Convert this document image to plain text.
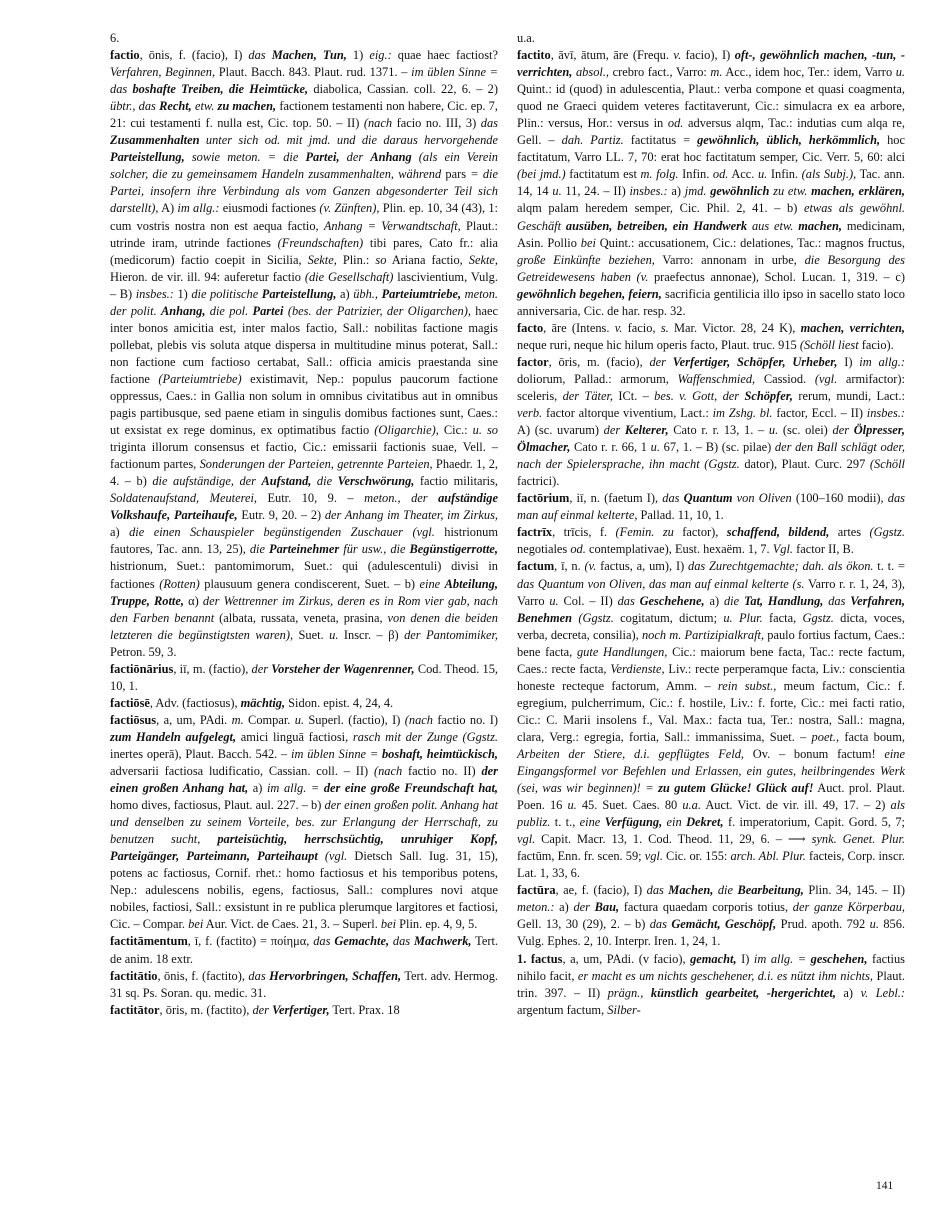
6.

factio, ōnis, f. (facio), I) das Machen, Tun, 1) eig.: quae haec factiost? Verfahren, Beginnen, Plaut. Bacch. 843. Plaut. rud. 1371. – im üblen Sinne = das boshafte Treiben, die Heimtücke, diabolica, Cassian. coll. 22, 6. – 2) übtr., das Recht, etw. zu machen, factionem testamenti non habere, Cic. ep. 7, 21: cui testamenti f. nulla est, Cic. top. 50. – II) (nach facio no. III, 3) das Zusammenhalten unter sich od. mit jmd. und die daraus hervorgehende Parteistellung, sowie meton. = die Partei, der Anhang (als ein Verein solcher, die zu gemeinsamem Handeln zusammenhalten, während pars = die Partei, insofern ihre Verbindung als vom Ganzen abgesonderter Teil sich darstellt), A) im allg.: eiusmodi factiones (v. Zünften), Plin. ep. 10, 34 (43), 1: cum vostris nostra non est aequa factio, Anhang = Verwandtschaft, Plaut.: utrinde iram, utrinde factiones (Freundschaften) tibi pares, Cato fr.: alia (medicorum) factio coepit in Sicilia, Sekte, Plin.: so Ariana factio, Sekte, Hieron. de vir. ill. 94: auferetur factio (die Gesellschaft) lascivientium, Vulg. – B) insbes.: 1) die politische Parteistellung, a) übh., Parteiumtriebe, meton. der polit. Anhang, die pol. Partei (bes. der Patrizier, der Oligarchen), haec inter bonos amicitia est, inter malos factio, Sall.: nobilitas factione magis pollebat, plebis vis soluta atque dispersa in multitudine minus poterat, Sall.: non factione cum factioso certabat, Sall.: officia amicis praestanda sine factione (Parteiumtriebe) existimavit, Nep.: populus paucorum factione oppressus, Caes.: in Gallia non solum in omnibus civitatibus aut in omnibus pagis partibusque, sed paene etiam in singulis domibus factiones sunt, Caes.: ut exsistat ex rege dominus, ex optimatibus factio (Oligarchie), Cic.: u. so triginta illorum consensus et factio, Cic.: emissarii factionis suae, Vell. – factionum partes, Sonderungen der Parteien, getrennte Parteien, Phaedr. 1, 2, 4. – b) die aufständige, der Aufstand, die Verschwörung, factio militaris, Soldatenaufstand, Meuterei, Eutr. 10, 9. – meton., der aufständige Volkshaufe, Parteihaufe, Eutr. 9, 20. – 2) der Anhang im Theater, im Zirkus, a) die einen Schauspieler begünstigenden Zuschauer (vgl. histrionum fautores, Tac. ann. 13, 25), die Parteinehmer für usw., die Begünstigerrotte, histrionum, Suet.: pantomimorum, Suet.: qui (adulescentuli) divisi in factiones (Rotten) plausuum genera condiscerent, Suet. – b) eine Abteilung, Truppe, Rotte, α) der Wettrenner im Zirkus, deren es in Rom vier gab, nach den Farben benannt (albata, russata, veneta, prasina, von denen die beiden letzteren die begünstigtsten waren), Suet. u. Inscr. – β) der Pantomimiker, Petron. 59, 3.

factiōnārius, iī, m. (factio), der Vorsteher der Wagenrenner, Cod. Theod. 15, 10, 1.

factiōsē, Adv. (factiosus), mächtig, Sidon. epist. 4, 24, 4.

factiōsus, a, um, PAdi. m. Compar. u. Superl. (factio), I) (nach factio no. I) zum Handeln aufgelegt, amici linguā factiosi, rasch mit der Zunge (Ggstz. inertes operā), Plaut. Bacch. 542. – im üblen Sinne = boshaft, heimtückisch, adversarii factiosa ludificatio, Cassian. coll. – II) (nach factio no. II) der einen großen Anhang hat, a) im allg. = der eine große Freundschaft hat, homo dives, factiosus, Plaut. aul. 227. – b) der einen großen polit. Anhang hat und denselben zu seinem Vorteile, bes. zur Erlangung der Herrschaft, zu benutzen sucht, parteisüchtig, herrschsüchtig, unruhiger Kopf, Parteigänger, Parteimann, Parteihaupt (vgl. Dietsch Sall. Iug. 31, 15), potens ac factiosus, Cornif. rhet.: homo factiosus et his temporibus potens, Nep.: adulescens nobilis, egens, factiosus, Sall.: complures novi atque nobiles, factiosi, Sall.: exsistunt in re publica plerumque largitores et factiosi, Cic. – Compar. bei Aur. Vict. de Caes. 21, 3. – Superl. bei Plin. ep. 4, 9, 5.

factitāmentum, ī, f. (factito) = ποίημα, das Gemachte, das Machwerk, Tert. de anim. 18 extr.

factitātio, ōnis, f. (factito), das Hervorbringen, Schaffen, Tert. adv. Hermog. 31 sq. Ps. Soran. qu. medic. 31.

factitātor, ōris, m. (factito), der Verfertiger, Tert. Prax. 18

u.a.

factito, āvī, ātum, āre (Frequ. v. facio), I) oft-, gewöhnlich machen, -tun, -verrichten, absol., crebro fact., Varro: m. Acc., idem hoc, Ter.: idem, Varro u. Quint.: id (quod) in adulescentia, Plaut.: verba compone et quasi coagmenta, quod ne Graeci quidem veteres factitaverunt, Cic.: simulacra ex ea arbore, Plin.: versus, Hor.: versus in od. adversus alqm, Tac.: indutias cum alqa re, Gell. – dah. Partiz. factitatus = gewöhnlich, üblich, herkömmlich, hoc factitatum, Varro LL. 7, 70: erat hoc factitatum semper, Cic. Verr. 5, 60: alci (bei jmd.) factitatum est m. folg. Infin. od. Acc. u. Infin. (als Subj.), Tac. ann. 14, 14 u. 11, 24. – II) insbes.: a) jmd. gewöhnlich zu etw. machen, erklären, alqm palam heredem semper, Cic. Phil. 2, 41. – b) etwas als gewöhnl. Geschäft ausüben, betreiben, ein Handwerk aus etw. machen, medicinam, Asin. Pollio bei Quint.: accusationem, Cic.: delationes, Tac.: magnos fructus, große Einkünfte beziehen, Varro: annonam in urbe, die Besorgung des Getreidewesens haben (v. praefectus annonae), Schol. Lucan. 1, 319. – c) gewöhnlich begehen, feiern, sacrificia gentilicia illo ipso in sacello stato loco anniversaria, Cic. de har. resp. 32.

facto, āre (Intens. v. facio, s. Mar. Victor. 28, 24 K), machen, verrichten, neque ruri, neque hic hilum operis facto, Plaut. truc. 915 (Schöll liest facio).

factor, ōris, m. (facio), der Verfertiger, Schöpfer, Urheber, I) im allg.: doliorum, Pallad.: armorum, Waffenschmied, Cassiod. (vgl. armifactor): sceleris, der Täter, ICt. – bes. v. Gott, der Schöpfer, rerum, mundi, Lact.: verb. factor altorque viventium, Lact.: im Zshg. bl. factor, Eccl. – II) insbes.: A) (sc. uvarum) der Kelterer, Cato r. r. 13, 1. – u. (sc. olei) der Ölpresser, Ölmacher, Cato r. r. 66, 1 u. 67, 1. – B) (sc. pilae) der den Ball schlägt oder, nach der Spielersprache, ihn macht (Ggstz. dator), Plaut. Curc. 297 (Schöll factrici).

factōrium, iī, n. (faetum I), das Quantum von Oliven (100–160 modii), das man auf einmal kelterte, Pallad. 11, 10, 1.

factrīx, trīcis, f. (Femin. zu factor), schaffend, bildend, artes (Ggstz. negotiales od. contemplativae), Eust. hexaëm. 1, 7. Vgl. factor II, B.

factum, ī, n. (v. factus, a, um), I) das Zurechtgemachte; dah. als ökon. t. t. = das Quantum von Oliven, das man auf einmal kelterte (s. Varro r. r. 1, 24, 3), Varro u. Col. – II) das Geschehene, a) die Tat, Handlung, das Verfahren, Benehmen (Ggstz. cogitatum, dictum; u. Plur. facta, Ggstz. dicta, voces, verba, decreta, consilia), noch m. Partizipialkraft, paulo fortius factum, Caes.: bene facta, gute Handlungen, Cic.: maiorum bene facta, Tac.: recte factum, Caes.: recte facta, Verdienste, Liv.: recte perperamque facta, Liv.: conscientia honeste recteque factorum, Amm. – rein subst., meum factum, Cic.: f. egregium, pulcherrimum, Cic.: f. hostile, Liv.: f. forte, Cic.: mei facti ratio, Cic.: C. Marii insolens f., Val. Max.: facta tua, Ter.: nostra, Sall.: magna, clara, Verg.: egregia, fortia, Sall.: immanissima, Suet. – poet., facta boum, Arbeiten der Stiere, d.i. gepflügtes Feld, Ov. – bonum factum! eine Eingangsformel vor Befehlen und Erlassen, ein gutes, heilbringendes Werk (sei, was wir beginnen)! = zu gutem Glücke! Glück auf! Auct. prol. Plaut. Poen. 16 u. 45. Suet. Caes. 80 u.a. Auct. Vict. de vir. ill. 49, 17. – 2) als publiz. t. t., eine Verfügung, ein Dekret, f. imperatorium, Capit. Gord. 5, 7; vgl. Capit. Macr. 13, 1. Cod. Theod. 11, 29, 6. – ⟶ synk. Genet. Plur. factūm, Enn. fr. scen. 59; vgl. Cic. or. 155: arch. Abl. Plur. facteis, Corp. inscr. Lat. 1, 33, 6.

factūra, ae, f. (facio), I) das Machen, die Bearbeitung, Plin. 34, 145. – II) meton.: a) der Bau, factura quaedam corporis totius, der ganze Körperbau, Gell. 13, 30 (29), 2. – b) das Gemächt, Geschöpf, Prud. apoth. 792 u. 856. Vulg. Ephes. 2, 10. Interpr. Iren. 1, 24, 1.

1. factus, a, um, PAdi. (v facio), gemacht, I) im allg. = geschehen, factius nihilo facit, er macht es um nichts geschehener, d.i. es nützt ihm nichts, Plaut. trin. 397. – II) prägn., künstlich gearbeitet, -hergerichtet, a) v. Lebl.: argentum factum, Silber-

141
